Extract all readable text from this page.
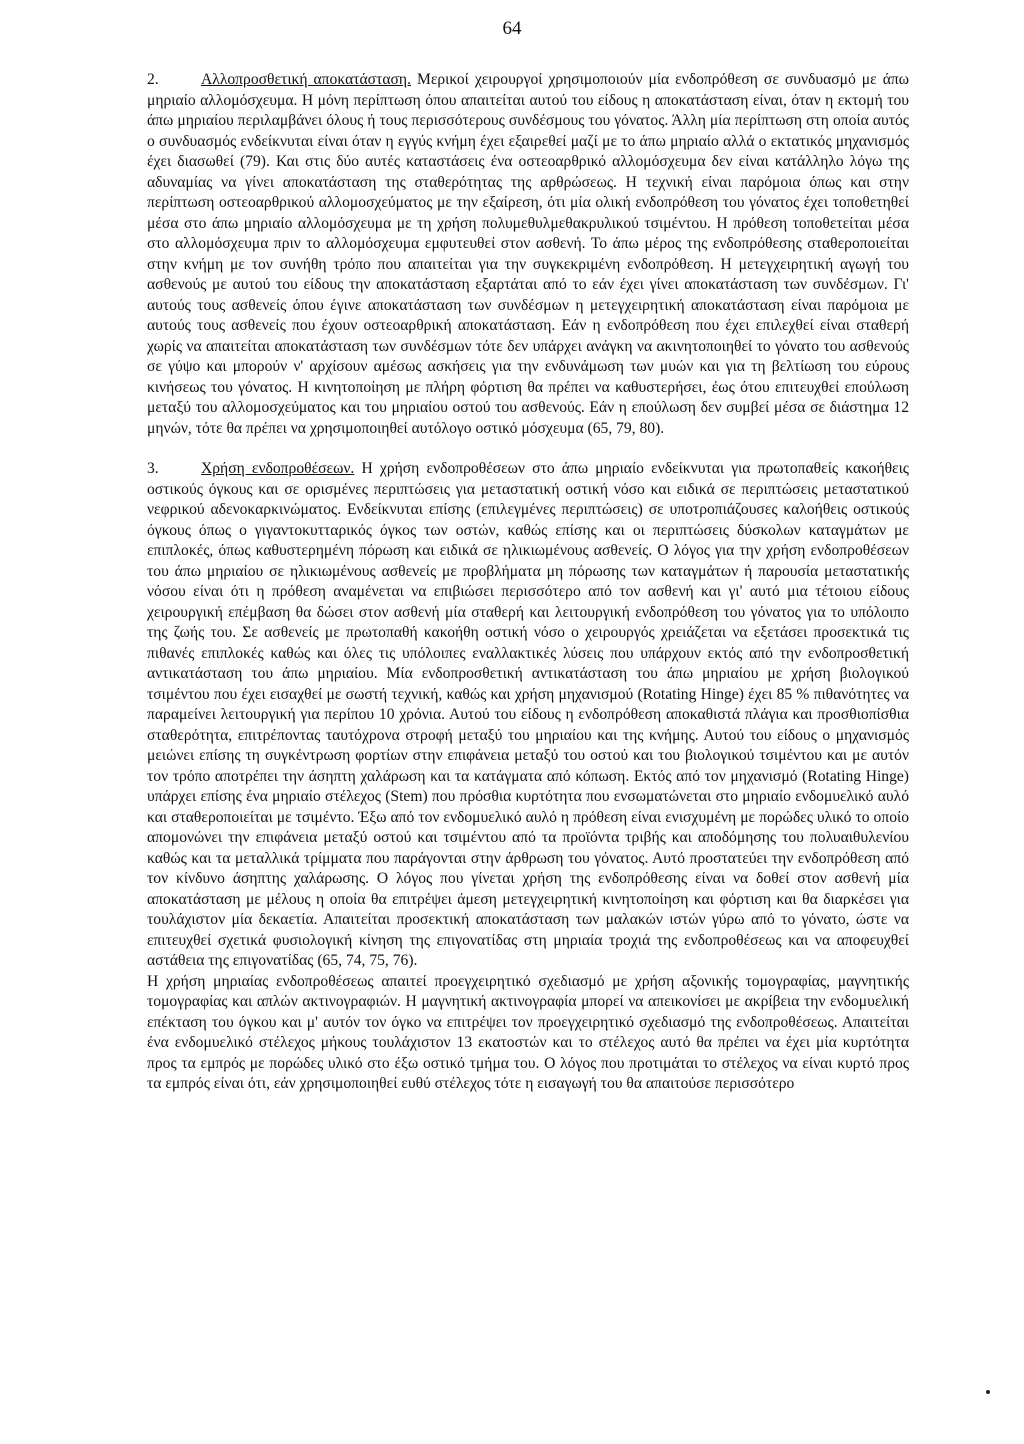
64

2.	Αλλοπροσθετική αποκατάσταση. Μερικοί χειρουργοί χρησιμοποιούν μία ενδοπρόθεση σε συνδυασμό με άπω μηριαίο αλλομόσχευμα. Η μόνη περίπτωση όπου απαιτείται αυτού του είδους η αποκατάσταση είναι, όταν η εκτομή του άπω μηριαίου περιλαμβάνει όλους ή τους περισσότερους συνδέσμους του γόνατος. Άλλη μία περίπτωση στη οποία αυτός ο συνδυασμός ενδείκνυται είναι όταν η εγγύς κνήμη έχει εξαιρεθεί μαζί με το άπω μηριαίο αλλά ο εκτατικός μηχανισμός έχει διασωθεί (79). Και στις δύο αυτές καταστάσεις ένα οστεοαρθρικό αλλομόσχευμα δεν είναι κατάλληλο λόγω της αδυναμίας να γίνει αποκατάσταση της σταθερότητας της αρθρώσεως. Η τεχνική είναι παρόμοια όπως και στην περίπτωση οστεοαρθρικού αλλομοσχεύματος με την εξαίρεση, ότι μία ολική ενδοπρόθεση του γόνατος έχει τοποθετηθεί μέσα στο άπω μηριαίο αλλομόσχευμα με τη χρήση πολυμεθυλμεθακρυλικού τσιμέντου. Η πρόθεση τοποθετείται μέσα στο αλλομόσχευμα πριν το αλλομόσχευμα εμφυτευθεί στον ασθενή. Το άπω μέρος της ενδοπρόθεσης σταθεροποιείται στην κνήμη με τον συνήθη τρόπο που απαιτείται για την συγκεκριμένη ενδοπρόθεση. Η μετεγχειρητική αγωγή του ασθενούς με αυτού του είδους την αποκατάσταση εξαρτάται από το εάν έχει γίνει αποκατάσταση των συνδέσμων. Γι' αυτούς τους ασθενείς όπου έγινε αποκατάσταση των συνδέσμων η μετεγχειρητική αποκατάσταση είναι παρόμοια με αυτούς τους ασθενείς που έχουν οστεοαρθρική αποκατάσταση. Εάν η ενδοπρόθεση που έχει επιλεχθεί είναι σταθερή χωρίς να απαιτείται αποκατάσταση των συνδέσμων τότε δεν υπάρχει ανάγκη να ακινητοποιηθεί το γόνατο του ασθενούς σε γύψο και μπορούν ν' αρχίσουν αμέσως ασκήσεις για την ενδυνάμωση των μυών και για τη βελτίωση του εύρους κινήσεως του γόνατος. Η κινητοποίηση με πλήρη φόρτιση θα πρέπει να καθυστερήσει, έως ότου επιτευχθεί επούλωση μεταξύ του αλλομοσχεύματος και του μηριαίου οστού του ασθενούς. Εάν η επούλωση δεν συμβεί μέσα σε διάστημα 12 μηνών, τότε θα πρέπει να χρησιμοποιηθεί αυτόλογο οστικό μόσχευμα (65, 79, 80).

3.	Χρήση ενδοπροθέσεων. Η χρήση ενδοπροθέσεων στο άπω μηριαίο ενδείκνυται για πρωτοπαθείς κακοήθεις οστικούς όγκους και σε ορισμένες περιπτώσεις για μεταστατική οστική νόσο και ειδικά σε περιπτώσεις μεταστατικού νεφρικού αδενοκαρκινώματος. Ενδείκνυται επίσης (επιλεγμένες περιπτώσεις) σε υποτροπιάζουσες καλοήθεις οστικούς όγκους όπως ο γιγαντοκυτταρικός όγκος των οστών, καθώς επίσης και οι περιπτώσεις δύσκολων καταγμάτων με επιπλοκές, όπως καθυστερημένη πόρωση και ειδικά σε ηλικιωμένους ασθενείς. Ο λόγος για την χρήση ενδοπροθέσεων του άπω μηριαίου σε ηλικιωμένους ασθενείς με προβλήματα μη πόρωσης των καταγμάτων ή παρουσία μεταστατικής νόσου είναι ότι η πρόθεση αναμένεται να επιβιώσει περισσότερο από τον ασθενή και γι' αυτό μια τέτοιου είδους χειρουργική επέμβαση θα δώσει στον ασθενή μία σταθερή και λειτουργική ενδοπρόθεση του γόνατος για το υπόλοιπο της ζωής του. Σε ασθενείς με πρωτοπαθή κακοήθη οστική νόσο ο χειρουργός χρειάζεται να εξετάσει προσεκτικά τις πιθανές επιπλοκές καθώς και όλες τις υπόλοιπες εναλλακτικές λύσεις που υπάρχουν εκτός από την ενδοπροσθετική αντικατάσταση του άπω μηριαίου. Μία ενδοπροσθετική αντικατάσταση του άπω μηριαίου με χρήση βιολογικού τσιμέντου που έχει εισαχθεί με σωστή τεχνική, καθώς και χρήση μηχανισμού (Rotating Hinge) έχει 85 % πιθανότητες να παραμείνει λειτουργική για περίπου 10 χρόνια. Αυτού του είδους η ενδοπρόθεση αποκαθιστά πλάγια και προσθιοπίσθια σταθερότητα, επιτρέποντας ταυτόχρονα στροφή μεταξύ του μηριαίου και της κνήμης. Αυτού του είδους ο μηχανισμός μειώνει επίσης τη συγκέντρωση φορτίων στην επιφάνεια μεταξύ του οστού και του βιολογικού τσιμέντου και με αυτόν τον τρόπο αποτρέπει την άσηπτη χαλάρωση και τα κατάγματα από κόπωση. Εκτός από τον μηχανισμό (Rotating Hinge) υπάρχει επίσης ένα μηριαίο στέλεχος (Stem) που πρόσθια κυρτότητα που ενσωματώνεται στο μηριαίο ενδομυελικό αυλό και σταθεροποιείται με τσιμέντο. Έξω από τον ενδομυελικό αυλό η πρόθεση είναι ενισχυμένη με πορώδες υλικό το οποίο απομονώνει την επιφάνεια μεταξύ οστού και τσιμέντου από τα προϊόντα τριβής και αποδόμησης του πολυαιθυλενίου καθώς και τα μεταλλικά τρίμματα που παράγονται στην άρθρωση του γόνατος. Αυτό προστατεύει την ενδοπρόθεση από τον κίνδυνο άσηπτης χαλάρωσης. Ο λόγος που γίνεται χρήση της ενδοπρόθεσης είναι να δοθεί στον ασθενή μία αποκατάσταση με μέλους η οποία θα επιτρέψει άμεση μετεγχειρητική κινητοποίηση και φόρτιση και θα διαρκέσει για τουλάχιστον μία δεκαετία. Απαιτείται προσεκτική αποκατάσταση των μαλακών ιστών γύρω από το γόνατο, ώστε να επιτευχθεί σχετικά φυσιολογική κίνηση της επιγονατίδας στη μηριαία τροχιά της ενδοπροθέσεως και να αποφευχθεί αστάθεια της επιγονατίδας (65, 74, 75, 76).

Η χρήση μηριαίας ενδοπροθέσεως απαιτεί προεγχειρητικό σχεδιασμό με χρήση αξονικής τομογραφίας, μαγνητικής τομογραφίας και απλών ακτινογραφιών. Η μαγνητική ακτινογραφία μπορεί να απεικονίσει με ακρίβεια την ενδομυελική επέκταση του όγκου και μ' αυτόν τον όγκο να επιτρέψει τον προεγχειρητικό σχεδιασμό της ενδοπροθέσεως. Απαιτείται ένα ενδομυελικό στέλεχος μήκους τουλάχιστον 13 εκατοστών και το στέλεχος αυτό θα πρέπει να έχει μία κυρτότητα προς τα εμπρός με πορώδες υλικό στο έξω οστικό τμήμα του. Ο λόγος που προτιμάται το στέλεχος να είναι κυρτό προς τα εμπρός είναι ότι, εάν χρησιμοποιηθεί ευθύ στέλεχος τότε η εισαγωγή του θα απαιτούσε περισσότερο
